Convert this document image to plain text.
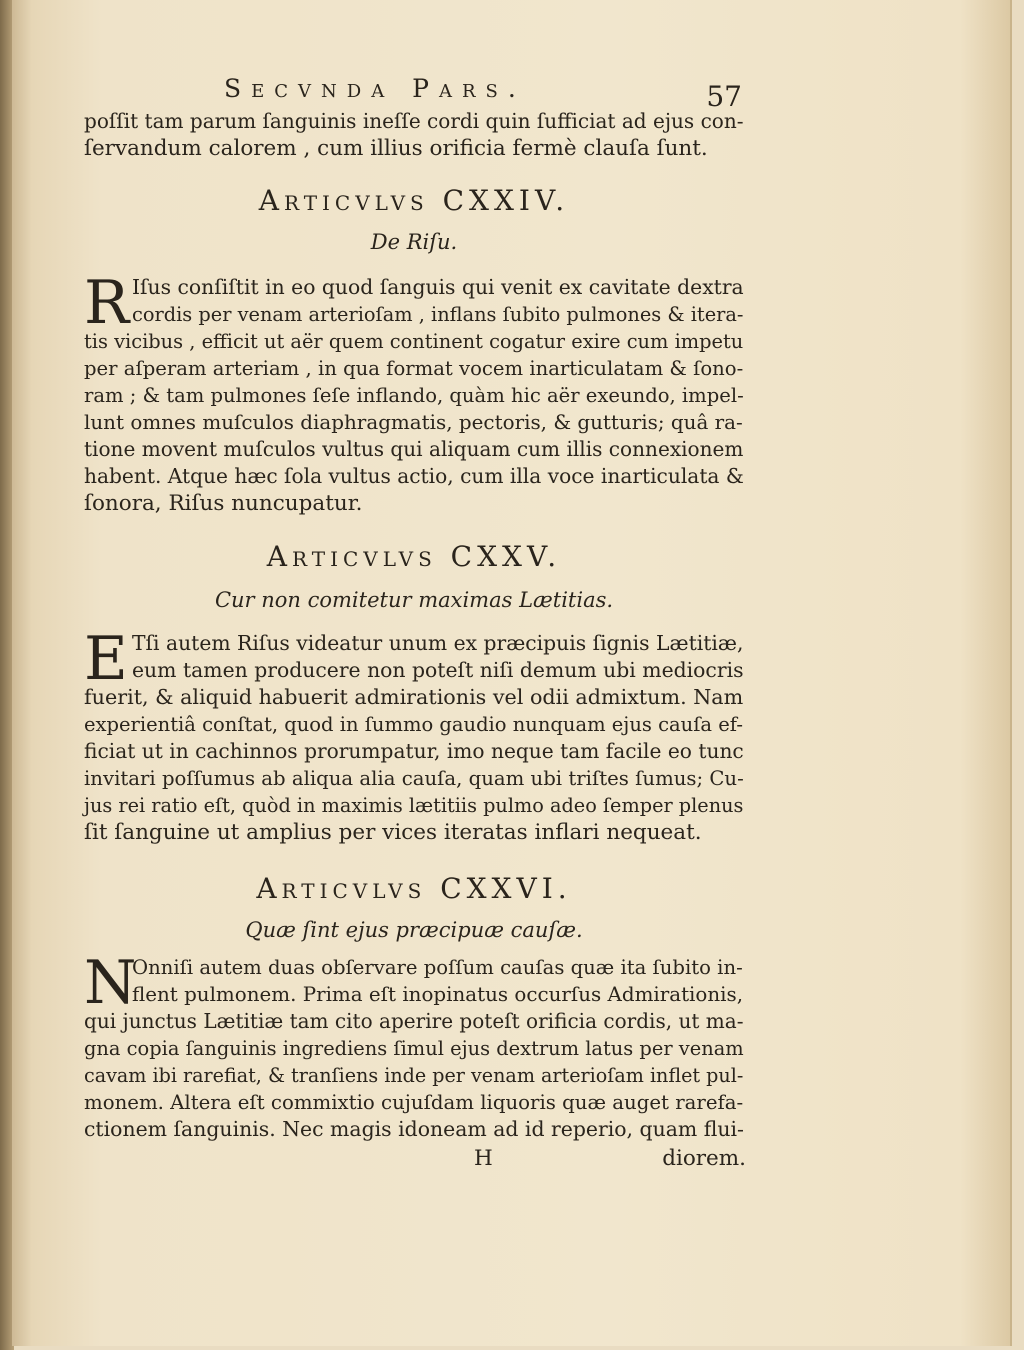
Secvnda Pars.	57
poſſit tam parum ſanguinis ineſſe cordi quin ſufficiat ad ejus con-
ſervandum calorem , cum illius orificia fermè clauſa ſunt.
Articvlvs CXXIV.
De Riſu.
R Iſus conſiſtit in eo quod ſanguis qui venit ex cavitate dextra
cordis per venam arterioſam , inflans ſubito pulmones & itera-
tis vicibus , efficit ut aër quem continent cogatur exire cum impetu
per aſperam arteriam , in qua format vocem inarticulatam & ſono-
ram ; & tam pulmones ſeſe inflando, quàm hic aër exeundo, impel-
lunt omnes muſculos diaphragmatis, pectoris, & gutturis; quâ ra-
tione movent muſculos vultus qui aliquam cum illis connexionem
habent. Atque hæc ſola vultus actio, cum illa voce inarticulata &
ſonora, Riſus nuncupatur.
Articvlvs CXXV.
Cur non comitetur maximas Lætitias.
E Tſi autem Riſus videatur unum ex præcipuis ſignis Lætitiæ,
eum tamen producere non poteſt niſi demum ubi mediocris
fuerit, & aliquid habuerit admirationis vel odii admixtum. Nam
experientiâ conſtat, quod in ſummo gaudio nunquam ejus cauſa ef-
ficiat ut in cachinnos prorumpatur, imo neque tam facile eo tunc
invitari poſſumus ab aliqua alia cauſa, quam ubi triſtes ſumus; Cu-
jus rei ratio eſt, quòd in maximis lætitiis pulmo adeo ſemper plenus
ſit ſanguine ut amplius per vices iteratas inflari nequeat.
Articvlvs CXXVI.
Quæ ſint ejus præcipuæ cauſæ.
N
Onniſi autem duas obſervare poſſum cauſas quæ ita ſubito in-
flent pulmonem. Prima eſt inopinatus occurſus Admirationis,
qui junctus Lætitiæ tam cito aperire poteſt orificia cordis, ut ma-
gna copia ſanguinis ingrediens ſimul ejus dextrum latus per venam
cavam ibi rarefiat, & tranſiens inde per venam arterioſam inflet pul-
monem. Altera eſt commixtio cujuſdam liquoris quæ auget rarefa-
ctionem ſanguinis. Nec magis idoneam ad id reperio, quam flui-
H	diorem.
